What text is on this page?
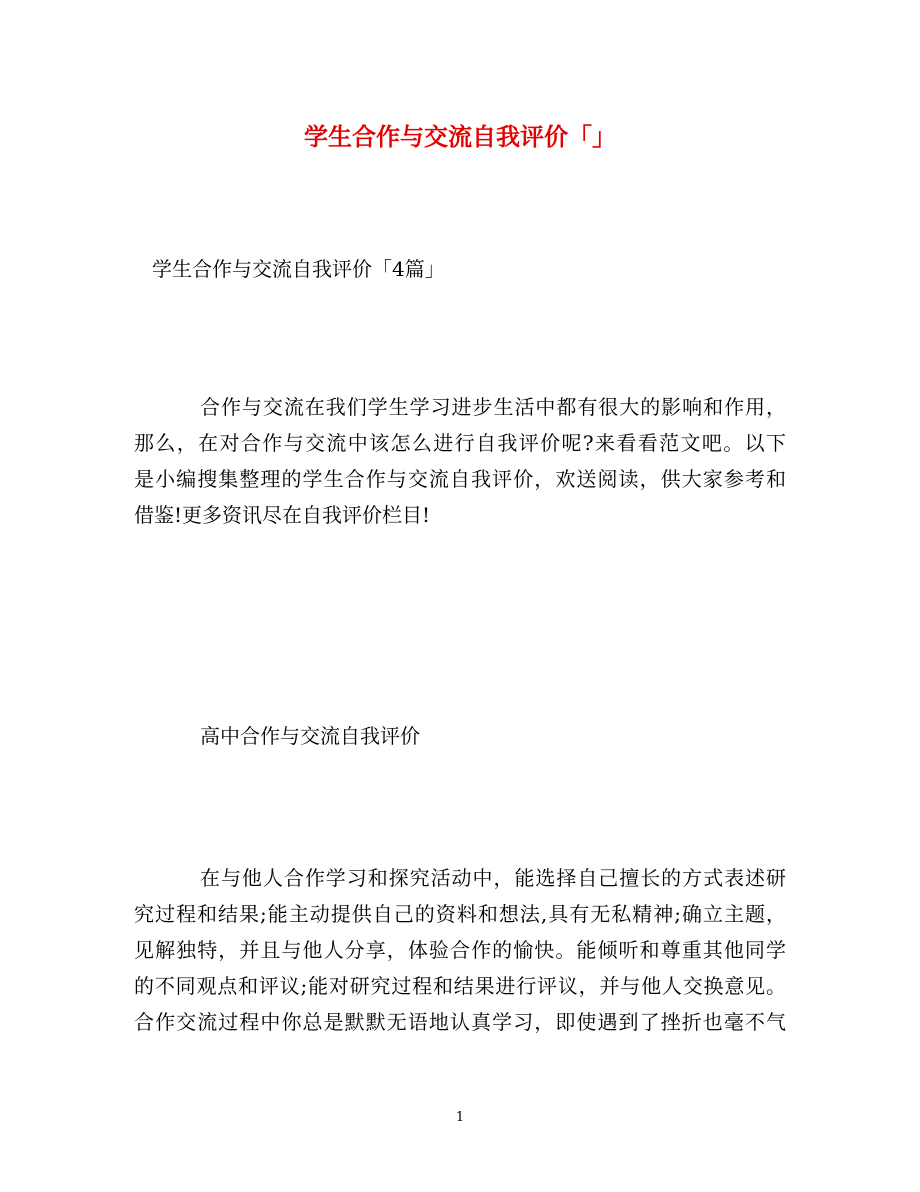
学生合作与交流自我评价「」
学生合作与交流自我评价「4篇」
合作与交流在我们学生学习进步生活中都有很大的影响和作用，
那么，在对合作与交流中该怎么进行自我评价呢?来看看范文吧。以下
是小编搜集整理的学生合作与交流自我评价，欢送阅读，供大家参考和
借鉴!更多资讯尽在自我评价栏目!
高中合作与交流自我评价
在与他人合作学习和探究活动中，能选择自己擅长的方式表述研
究过程和结果;能主动提供自己的资料和想法,具有无私精神;确立主题，
见解独特，并且与他人分享，体验合作的愉快。能倾听和尊重其他同学
的不同观点和评议;能对研究过程和结果进行评议，并与他人交换意见。
合作交流过程中你总是默默无语地认真学习，即使遇到了挫折也毫不气
1
